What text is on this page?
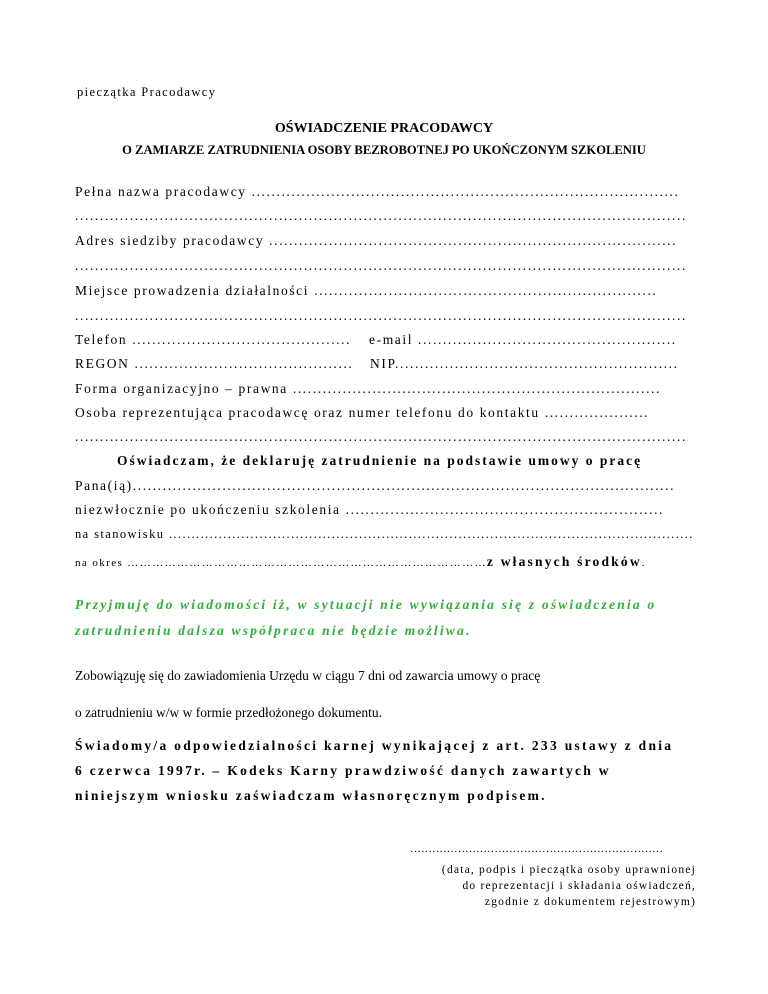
pieczątka Pracodawcy
OŚWIADCZENIE PRACODAWCY
O ZAMIARZE ZATRUDNIENIA OSOBY BEZROBOTNEJ PO UKOŃCZONYM SZKOLENIU
Pełna nazwa pracodawcy ......................................................................................
...........................................................................................................................
Adres siedziby pracodawcy ..................................................................................
...........................................................................................................................
Miejsce prowadzenia działalności .....................................................................
...........................................................................................................................
Telefon ............................................ e-mail ....................................................
REGON ............................................ NIP.........................................................
Forma organizacyjno – prawna ..........................................................................
Osoba reprezentująca pracodawcę oraz numer telefonu do kontaktu .....................
...........................................................................................................................
Oświadczam, że deklaruję zatrudnienie na podstawie umowy o pracę
Pana(ią).............................................................................................................
niezwłocznie po ukończeniu szkolenia ................................................................
na stanowisku ....................................................................................................................
na okres ……………………………………………………………………………z własnych środków.
Przyjmuję do wiadomości iż, w sytuacji nie wywiązania się z oświadczenia o
zatrudnieniu dalsza współpraca nie będzie możliwa.
Zobowiązuję się do zawiadomienia Urzędu w ciągu 7 dni od zawarcia umowy o pracę
o zatrudnieniu w/w w formie przedłożonego dokumentu.
Świadomy/a odpowiedzialności karnej wynikającej z art. 233 ustawy z dnia
6 czerwca 1997r. – Kodeks Karny prawdziwość danych zawartych w
niniejszym wniosku zaświadczam własnoręcznym podpisem.
……………………………………………………………
(data, podpis i pieczątka osoby uprawnionej
do reprezentacji i składania oświadczeń,
zgodnie z dokumentem rejestrowym)
